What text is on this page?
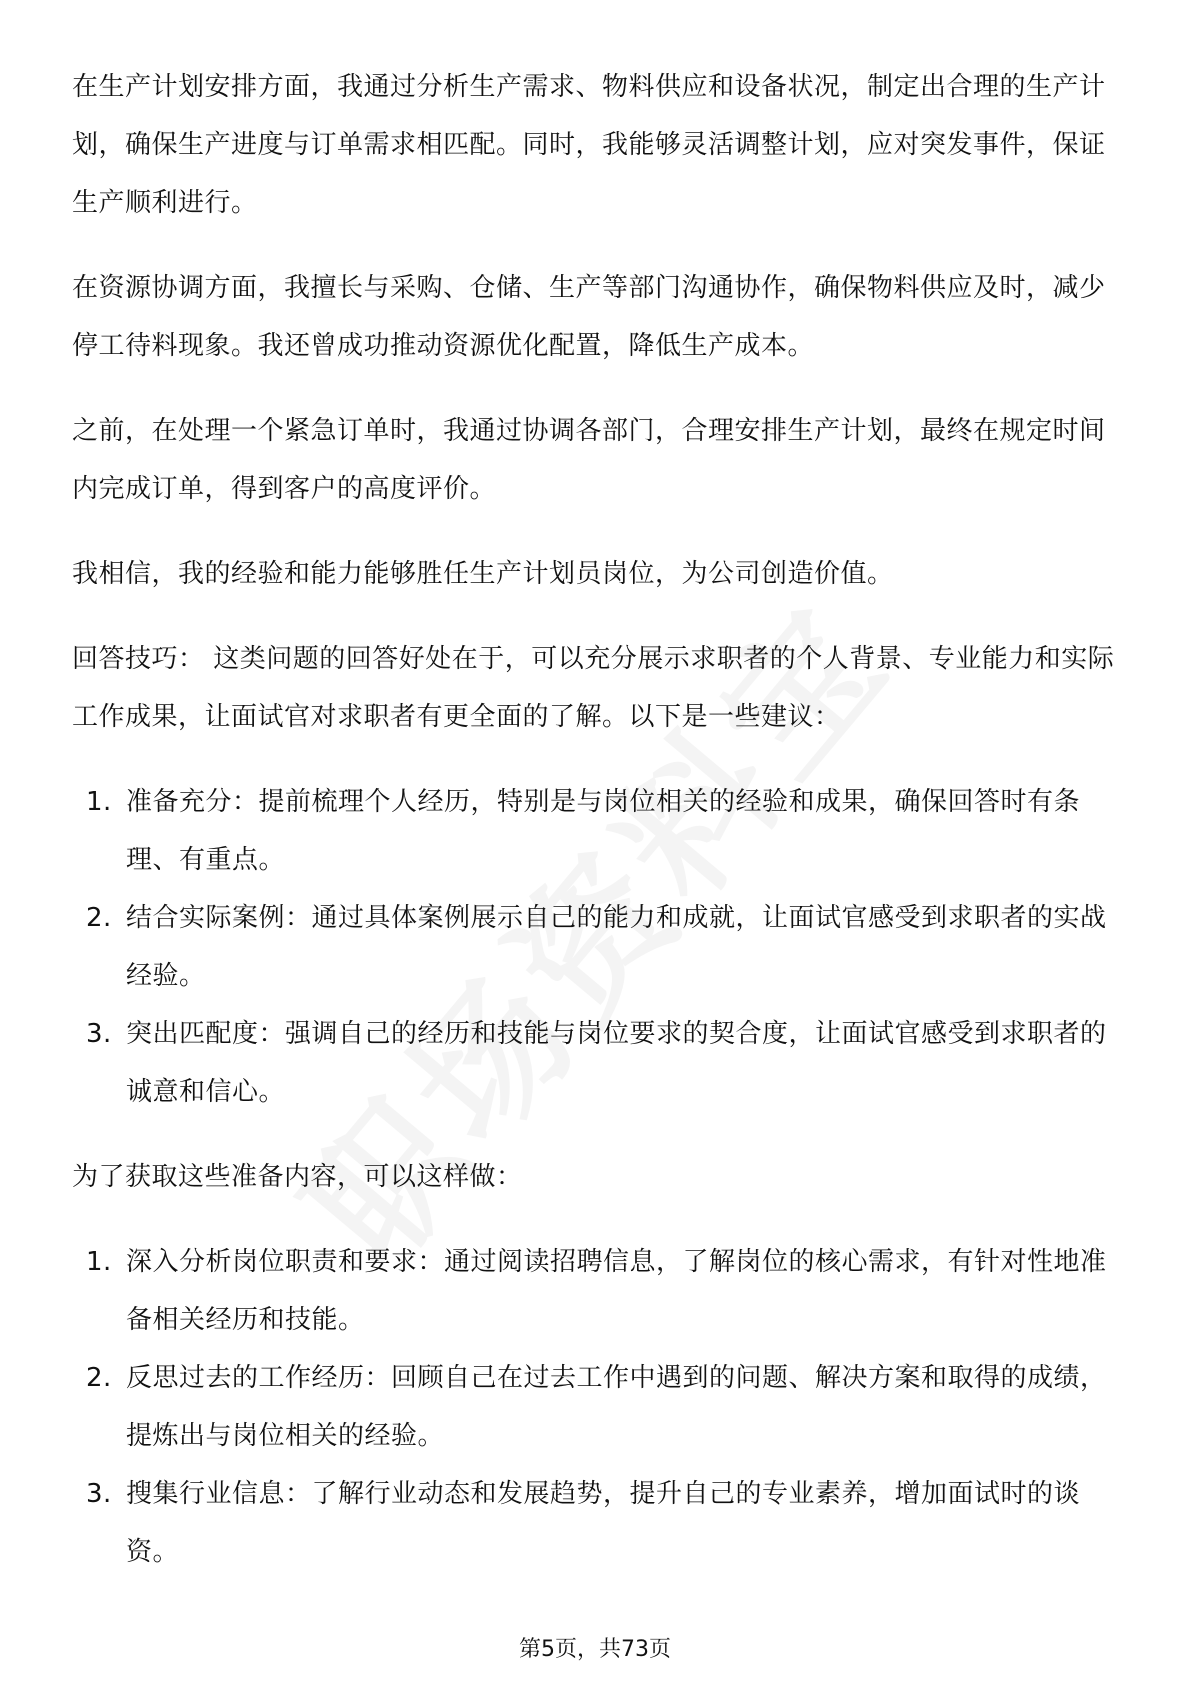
在生产计划安排方面，我通过分析生产需求、物料供应和设备状况，制定出合理的生产计划，确保生产进度与订单需求相匹配。同时，我能够灵活调整计划，应对突发事件，保证生产顺利进行。

在资源协调方面，我擅长与采购、仓储、生产等部门沟通协作，确保物料供应及时，减少停工待料现象。我还曾成功推动资源优化配置，降低生产成本。

之前，在处理一个紧急订单时，我通过协调各部门，合理安排生产计划，最终在规定时间内完成订单，得到客户的高度评价。

我相信，我的经验和能力能够胜任生产计划员岗位，为公司创造价值。

回答技巧： 这类问题的回答好处在于，可以充分展示求职者的个人背景、专业能力和实际工作成果，让面试官对求职者有更全面的了解。以下是一些建议：

1. 准备充分：提前梳理个人经历，特别是与岗位相关的经验和成果，确保回答时有条理、有重点。
2. 结合实际案例：通过具体案例展示自己的能力和成就，让面试官感受到求职者的实战经验。
3. 突出匹配度：强调自己的经历和技能与岗位要求的契合度，让面试官感受到求职者的诚意和信心。

为了获取这些准备内容，可以这样做：

1. 深入分析岗位职责和要求：通过阅读招聘信息，了解岗位的核心需求，有针对性地准备相关经历和技能。
2. 反思过去的工作经历：回顾自己在过去工作中遇到的问题、解决方案和取得的成绩，提炼出与岗位相关的经验。
3. 搜集行业信息：了解行业动态和发展趋势，提升自己的专业素养，增加面试时的谈资。
第5页，共73页
